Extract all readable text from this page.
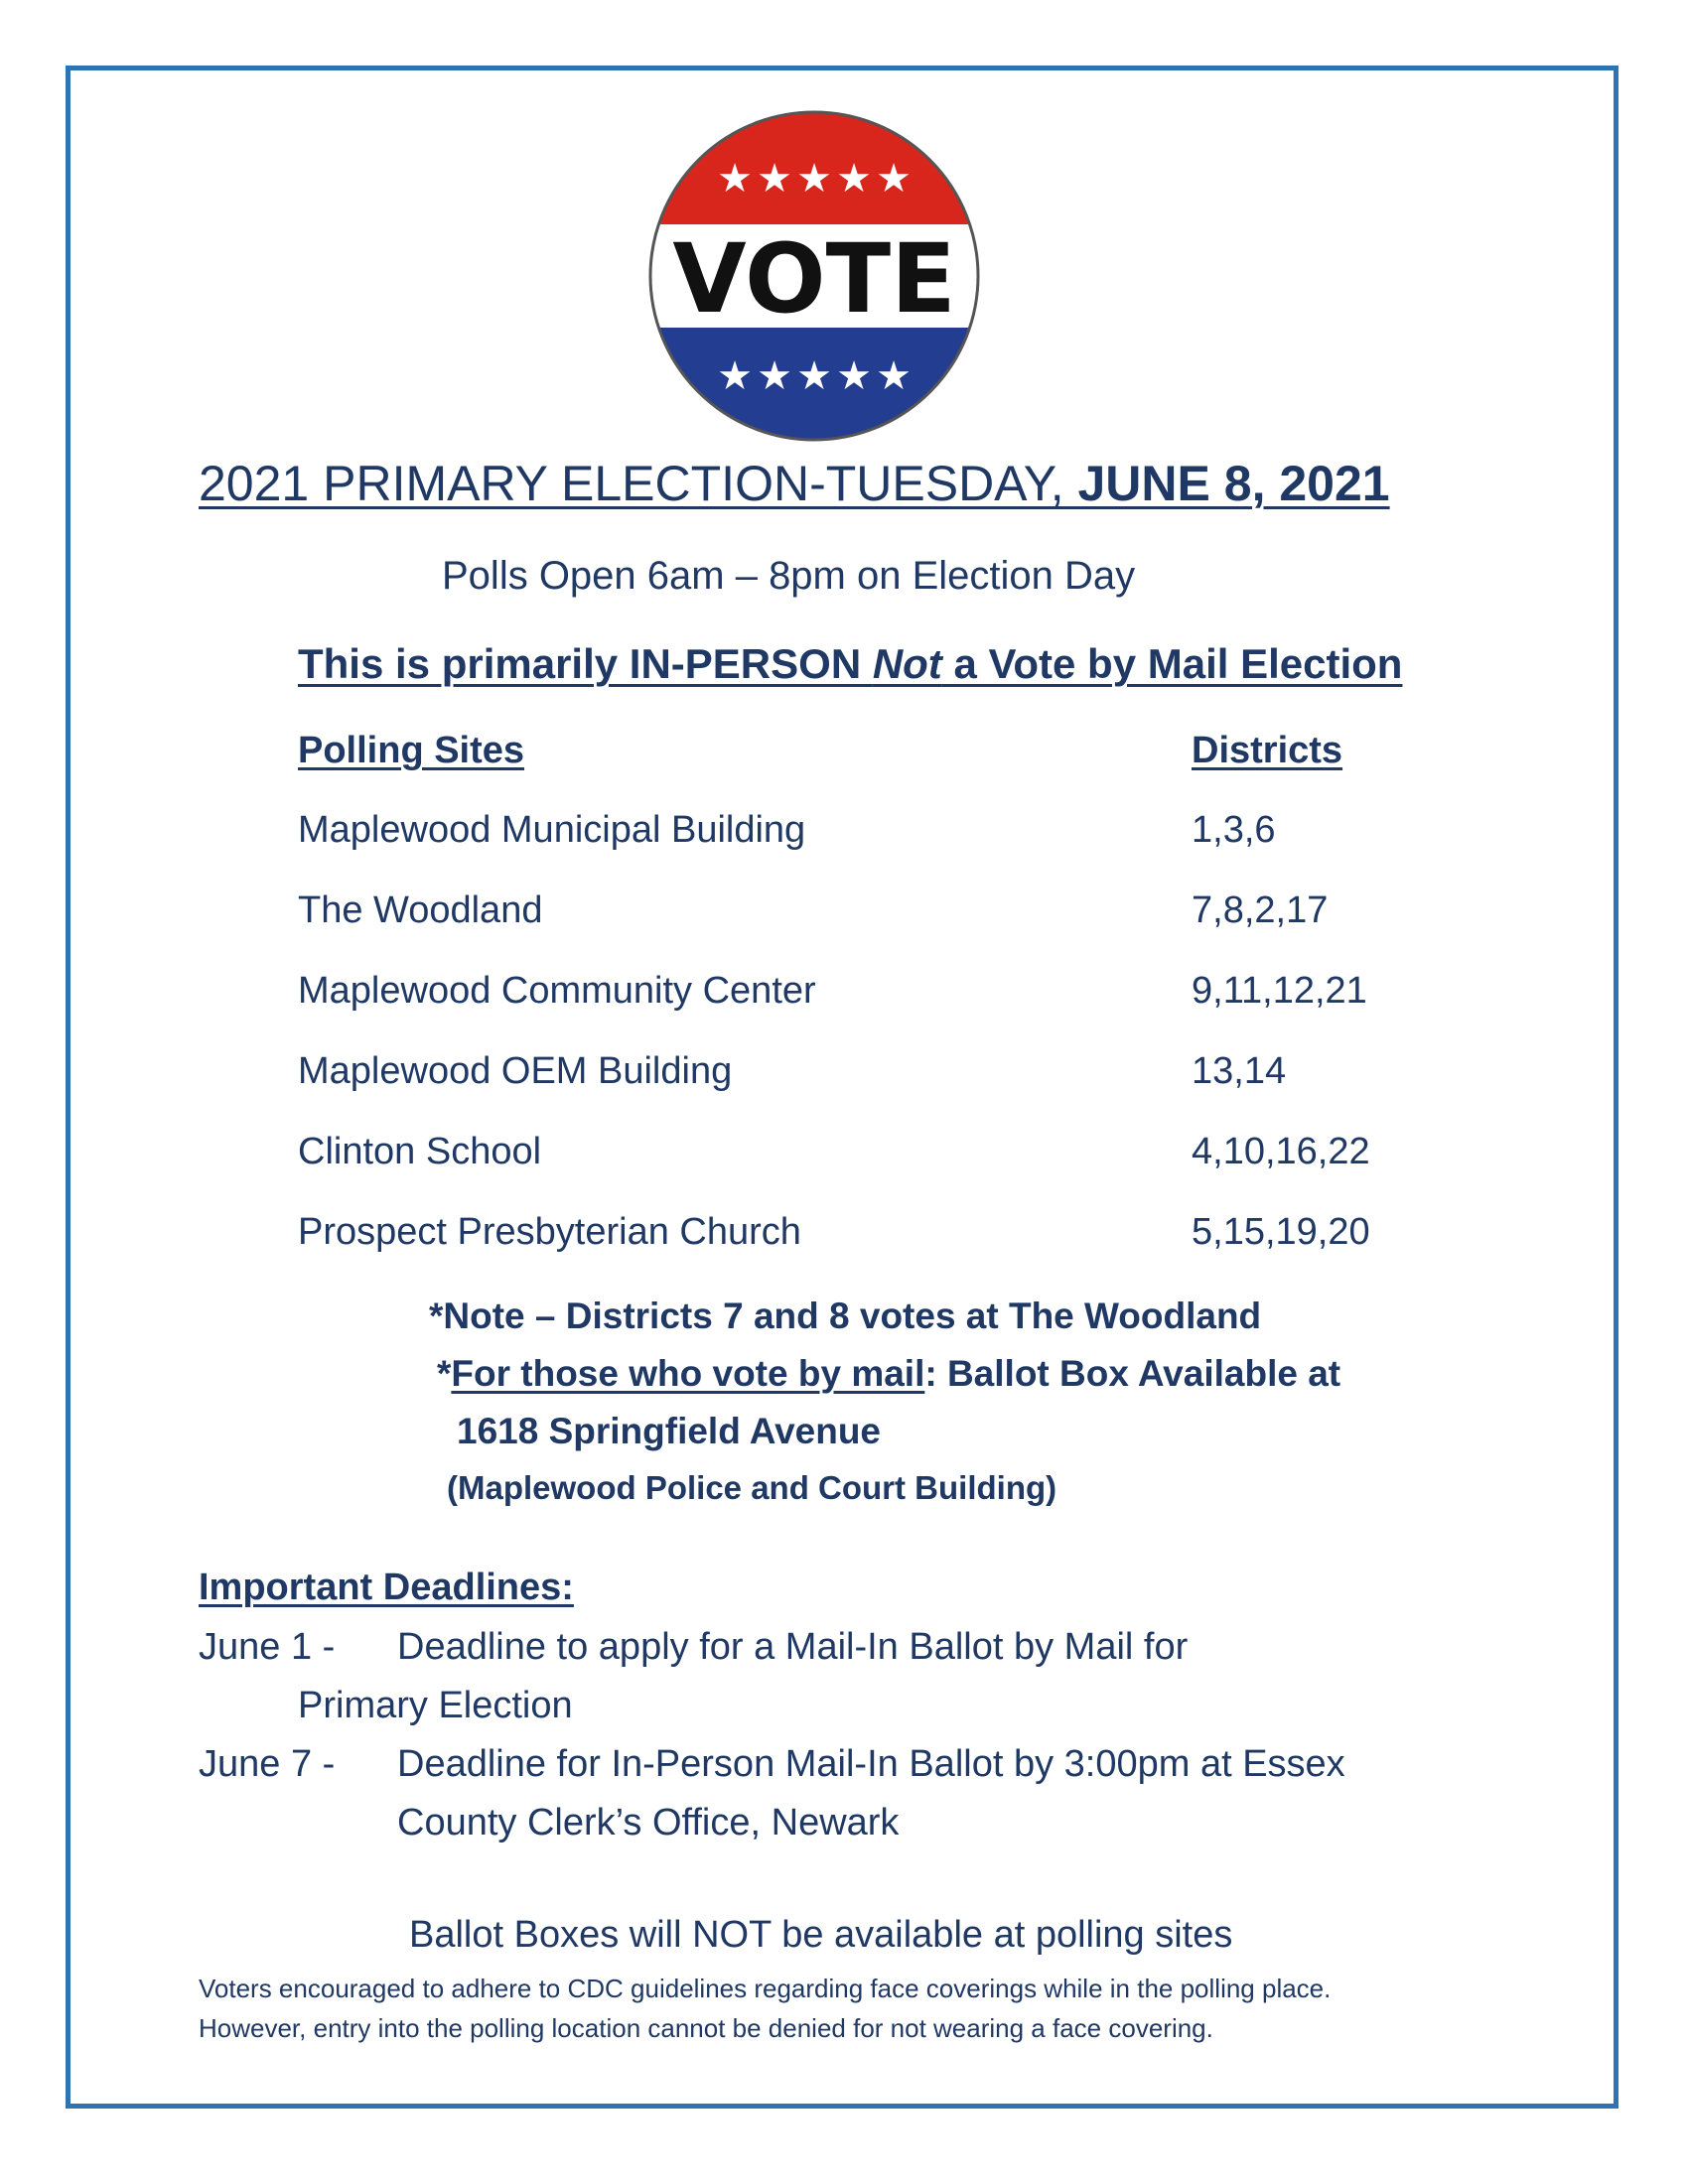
★ ★ ★ ★ ★
VOTE
★ ★ ★ ★ ★
2021 PRIMARY ELECTION-TUESDAY, JUNE 8, 2021
Polls Open 6am – 8pm on Election Day
This is primarily IN-PERSON Not a Vote by Mail Election
Polling Sites	Districts
Maplewood Municipal Building	1,3,6
The Woodland	7,8,2,17
Maplewood Community Center	9,11,12,21
Maplewood OEM Building	13,14
Clinton School	4,10,16,22
Prospect Presbyterian Church	5,15,19,20
*Note – Districts 7 and 8 votes at The Woodland
*For those who vote by mail: Ballot Box Available at
1618 Springfield Avenue
(Maplewood Police and Court Building)
Important Deadlines:
June 1 - Deadline to apply for a Mail-In Ballot by Mail for
Primary Election
June 7 - Deadline for In-Person Mail-In Ballot by 3:00pm at Essex
County Clerk’s Office, Newark
Ballot Boxes will NOT be available at polling sites
Voters encouraged to adhere to CDC guidelines regarding face coverings while in the polling place.
However, entry into the polling location cannot be denied for not wearing a face covering.
